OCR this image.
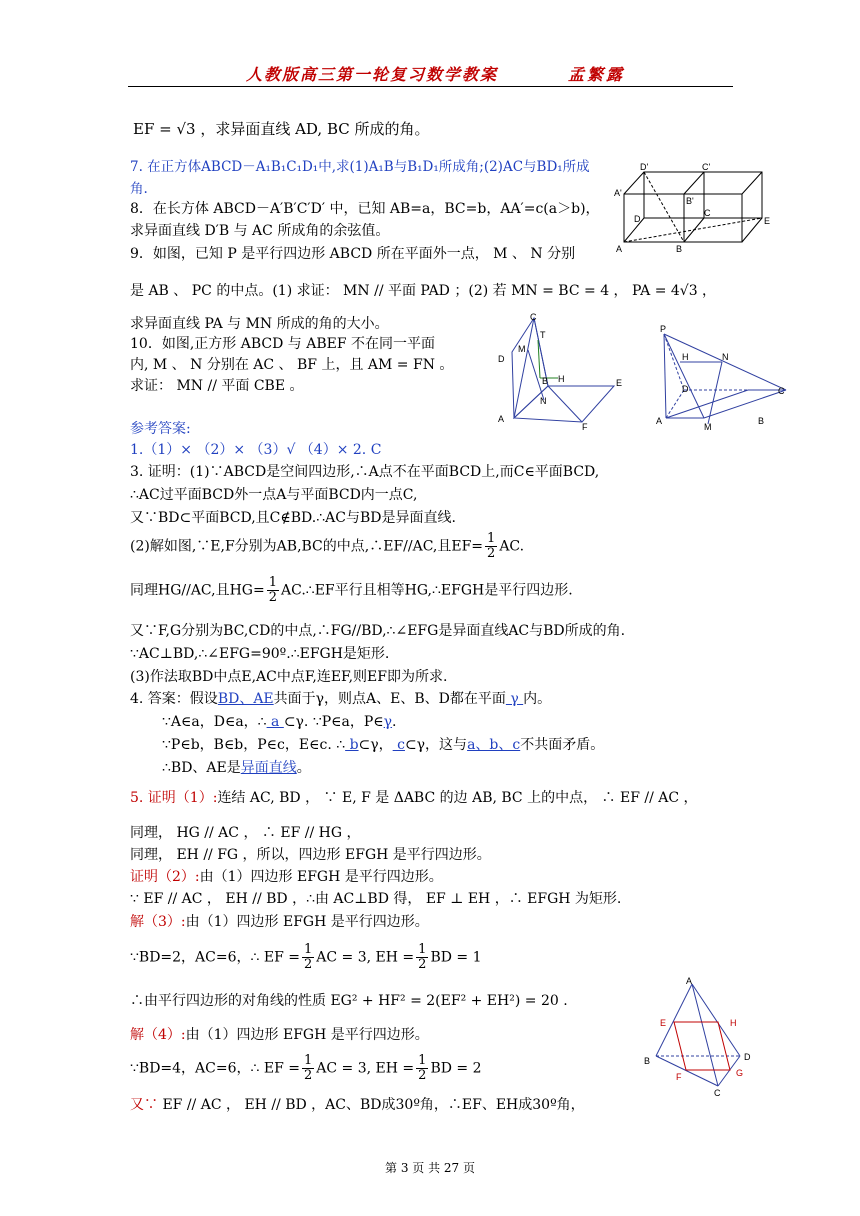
人教版高三第一轮复习数学教案	孟繁露
EF = √3 ，求异面直线 AD, BC 所成的角。
7. 在正方体ABCD－A₁B₁C₁D₁中,求(1)A₁B与B₁D₁所成角;(2)AC与BD₁所成
角.
8．在长方体 ABCD－A′B′C′D′ 中，已知 AB=a，BC=b，AA′=c(a＞b)，
求异面直线 D′B 与 AC 所成角的余弦值。
9．如图，已知 P 是平行四边形 ABCD 所在平面外一点， M 、 N 分别
是 AB 、 PC 的中点。(1) 求证： MN // 平面 PAD ；(2) 若 MN = BC = 4 ， PA = 4√3 ，
求异面直线 PA 与 MN 所成的角的大小。
10．如图,正方形 ABCD 与 ABEF 不在同一平面
内, M 、 N 分别在 AC 、 BF 上，且 AM = FN 。
求证： MN // 平面 CBE 。
参考答案:
1.（1）× （2）× （3）√ （4）× 2. C
3. 证明：(1)∵ABCD是空间四边形,∴A点不在平面BCD上,而C∈平面BCD,
∴AC过平面BCD外一点A与平面BCD内一点C,
又∵BD⊂平面BCD,且C∉BD.∴AC与BD是异面直线.
(2)解如图,∵E,F分别为AB,BC的中点,∴EF//AC,且$EF= \frac{1}{2}$ AC.
同理HG//AC,且$HG= \frac{1}{2}$ AC.∴EF平行且相等HG,∴EFGH是平行四边形.
又∵F,G分别为BC,CD的中点,∴FG//BD,∴∠EFG是异面直线AC与BD所成的角.
∵AC⊥BD,∴∠EFG=90º.∴EFGH是矩形.
(3)作法取BD中点E,AC中点F,连EF,则EF即为所求.
4. 答案：假设BD、AE共面于γ，则点A、E、B、D都在平面 γ 内。
∵A∈a，D∈a，∴ a ⊂γ. ∵P∈a，P∈γ.
∵P∈b，B∈b，P∈c，E∈c. ∴ b⊂γ， c⊂γ，这与a、b、c不共面矛盾。
∴BD、AE是异面直线。
5. 证明（1）:连结 AC, BD ， ∵ E, F 是 ΔABC 的边 AB, BC 上的中点， ∴ EF // AC ，
同理， HG // AC ， ∴ EF // HG ，
同理， EH // FG ，所以，四边形 EFGH 是平行四边形。
证明（2）:由（1）四边形 EFGH 是平行四边形。
∵ EF // AC ， EH // BD ，∴由 AC⊥BD 得， EF ⊥ EH ，∴ EFGH 为矩形.
解（3）:由（1）四边形 EFGH 是平行四边形。
∵BD=2，AC=6，∴ EF = $\frac{1}{2}$ AC = 3, EH = $\frac{1}{2}$ BD = 1
∴由平行四边形的对角线的性质 EG² + HF² = 2(EF² + EH²) = 20 .
解（4）:由（1）四边形 EFGH 是平行四边形。
∵BD=4，AC=6，∴ EF = $\frac{1}{2}$ AC = 3, EH = $\frac{1}{2}$ BD = 2
又∵ EF // AC ， EH // BD ，AC、BD成30º角，∴EF、EH成30º角，
D'	C'
A'
B'
D
C
A	B
E
C
T
M
D
B H	E
N
A
F
P
H	N
D	C
A
M
B
A
E	H
B	D
F	G
C
第 3 页 共 27 页
